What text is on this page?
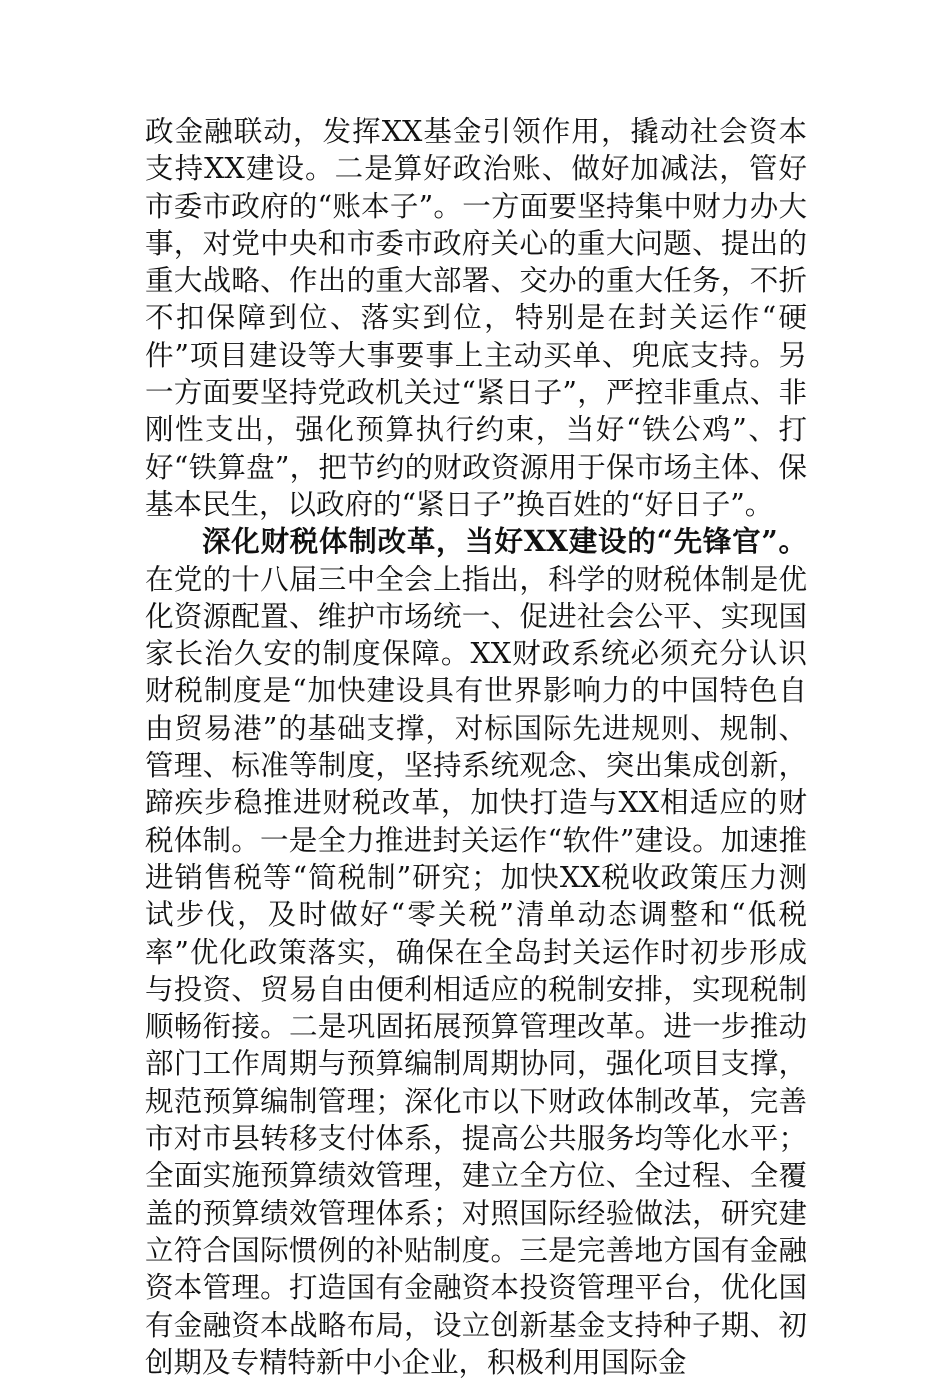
政金融联动，发挥XX基金引领作用，撬动社会资本支持XX建设。二是算好政治账、做好加减法，管好市委市政府的“账本子”。一方面要坚持集中财力办大事，对党中央和市委市政府关心的重大问题、提出的重大战略、作出的重大部署、交办的重大任务，不折不扣保障到位、落实到位，特别是在封关运作“硬件”项目建设等大事要事上主动买单、兜底支持。另一方面要坚持党政机关过“紧日子”，严控非重点、非刚性支出，强化预算执行约束，当好“铁公鸡”、打好“铁算盘”，把节约的财政资源用于保市场主体、保基本民生，以政府的“紧日子”换百姓的“好日子”。

深化财税体制改革，当好XX建设的“先锋官”。在党的十八届三中全会上指出，科学的财税体制是优化资源配置、维护市场统一、促进社会公平、实现国家长治久安的制度保障。XX财政系统必须充分认识财税制度是“加快建设具有世界影响力的中国特色自由贸易港”的基础支撑，对标国际先进规则、规制、管理、标准等制度，坚持系统观念、突出集成创新，蹄疾步稳推进财税改革，加快打造与XX相适应的财税体制。一是全力推进封关运作“软件”建设。加速推进销售税等“简税制”研究；加快XX税收政策压力测试步伐，及时做好“零关税”清单动态调整和“低税率”优化政策落实，确保在全岛封关运作时初步形成与投资、贸易自由便利相适应的税制安排，实现税制顺畅衔接。二是巩固拓展预算管理改革。进一步推动部门工作周期与预算编制周期协同，强化项目支撑，规范预算编制管理；深化市以下财政体制改革，完善市对市县转移支付体系，提高公共服务均等化水平；全面实施预算绩效管理，建立全方位、全过程、全覆盖的预算绩效管理体系；对照国际经验做法，研究建立符合国际惯例的补贴制度。三是完善地方国有金融资本管理。打造国有金融资本投资管理平台，优化国有金融资本战略布局，设立创新基金支持种子期、初创期及专精特新中小企业，积极利用国际金
